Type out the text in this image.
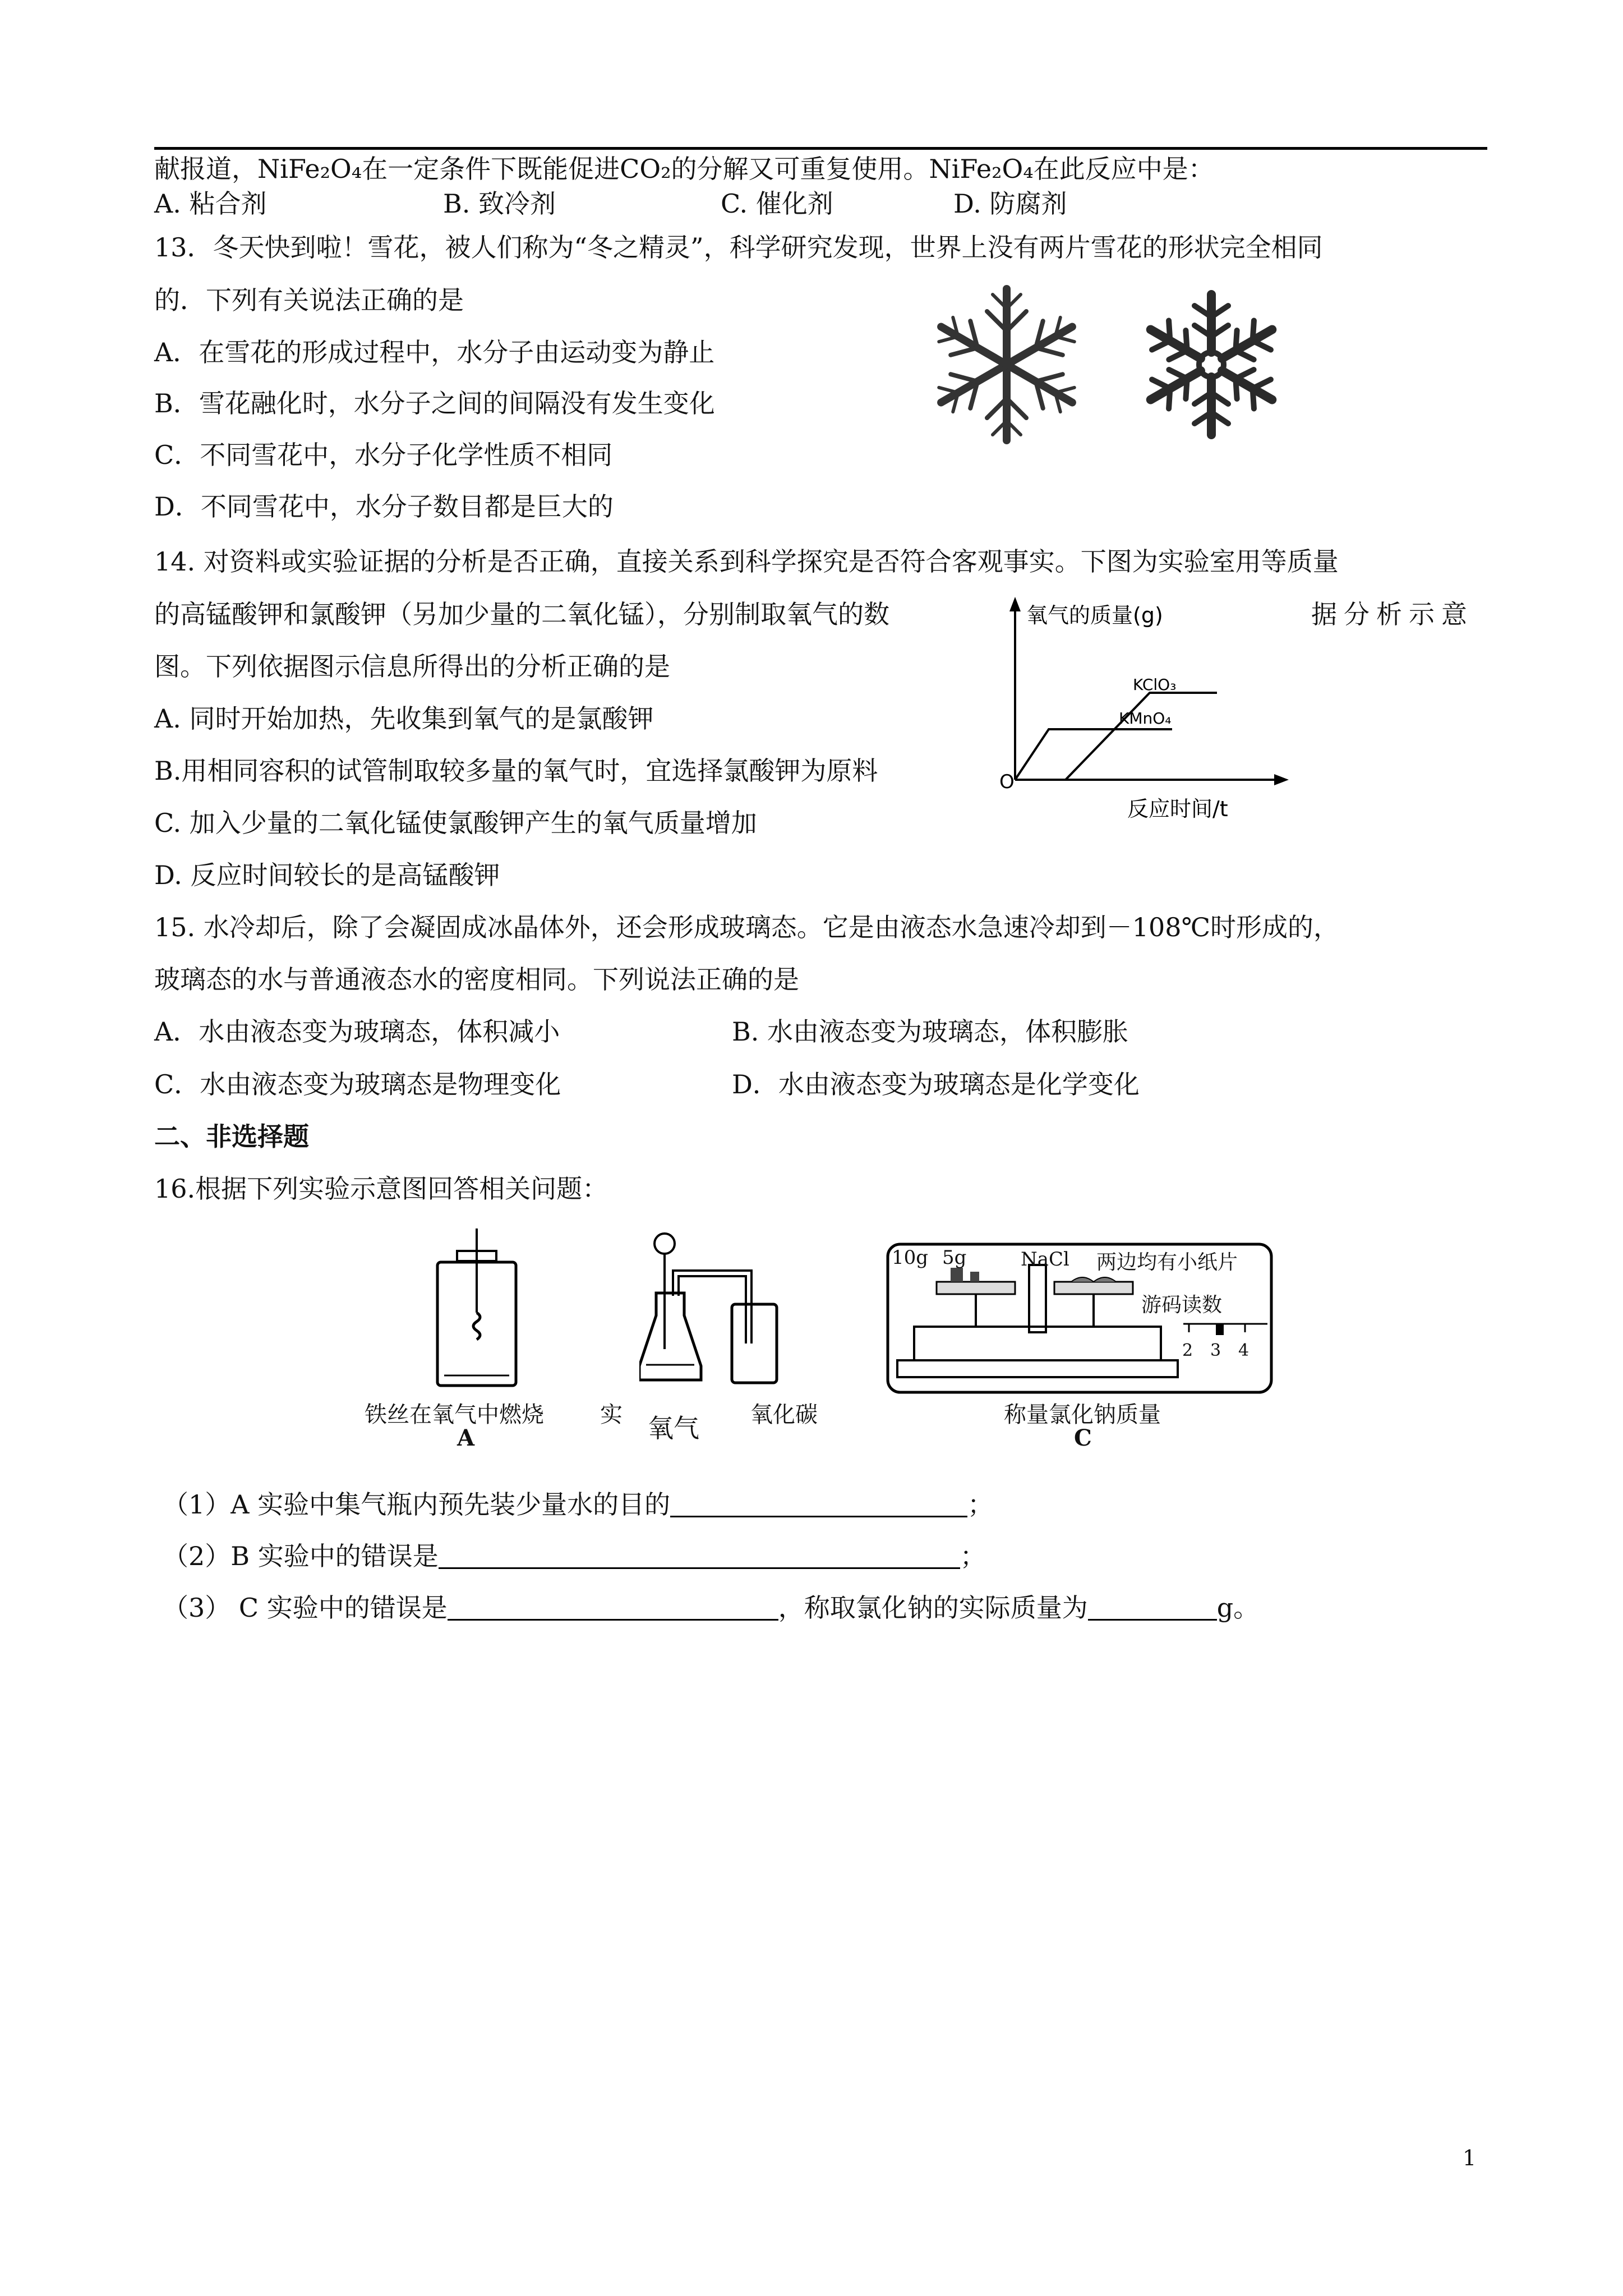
献报道，NiFe₂O₄在一定条件下既能促进CO₂的分解又可重复使用。NiFe₂O₄在此反应中是：
A. 粘合剂	B. 致冷剂	C. 催化剂	D. 防腐剂
13．冬天快到啦！雪花，被人们称为“冬之精灵”，科学研究发现，世界上没有两片雪花的形状完全相同
的．下列有关说法正确的是
A．在雪花的形成过程中，水分子由运动变为静止
B．雪花融化时，水分子之间的间隔没有发生变化
C．不同雪花中，水分子化学性质不相同
D．不同雪花中，水分子数目都是巨大的
14. 对资料或实验证据的分析是否正确，直接关系到科学探究是否符合客观事实。下图为实验室用等质量
的高锰酸钾和氯酸钾（另加少量的二氧化锰），分别制取氧气的数	据分析示意
图。下列依据图示信息所得出的分析正确的是
A. 同时开始加热，先收集到氧气的是氯酸钾
B.用相同容积的试管制取较多量的氧气时，宜选择氯酸钾为原料
C. 加入少量的二氧化锰使氯酸钾产生的氧气质量增加
D. 反应时间较长的是高锰酸钾
氧气的质量(g)
KClO₃
KMnO₄
O
反应时间/t
15. 水冷却后，除了会凝固成冰晶体外，还会形成玻璃态。它是由液态水急速冷却到－108℃时形成的，
玻璃态的水与普通液态水的密度相同。下列说法正确的是
A．水由液态变为玻璃态，体积减小	B. 水由液态变为玻璃态，体积膨胀
C．水由液态变为玻璃态是物理变化	D．水由液态变为玻璃态是化学变化
二、非选择题
16.根据下列实验示意图回答相关问题：
铁丝在氧气中燃烧
A
实 氧气 氧化碳
10g 5g	NaCl 两边均有小纸片
游码读数
2 3 4
称量氯化钠质量
C
（1）A 实验中集气瓶内预先装少量水的目的	；
（2）B 实验中的错误是	；
（3） C 实验中的错误是	，称取氯化钠的实际质量为	g。
1
